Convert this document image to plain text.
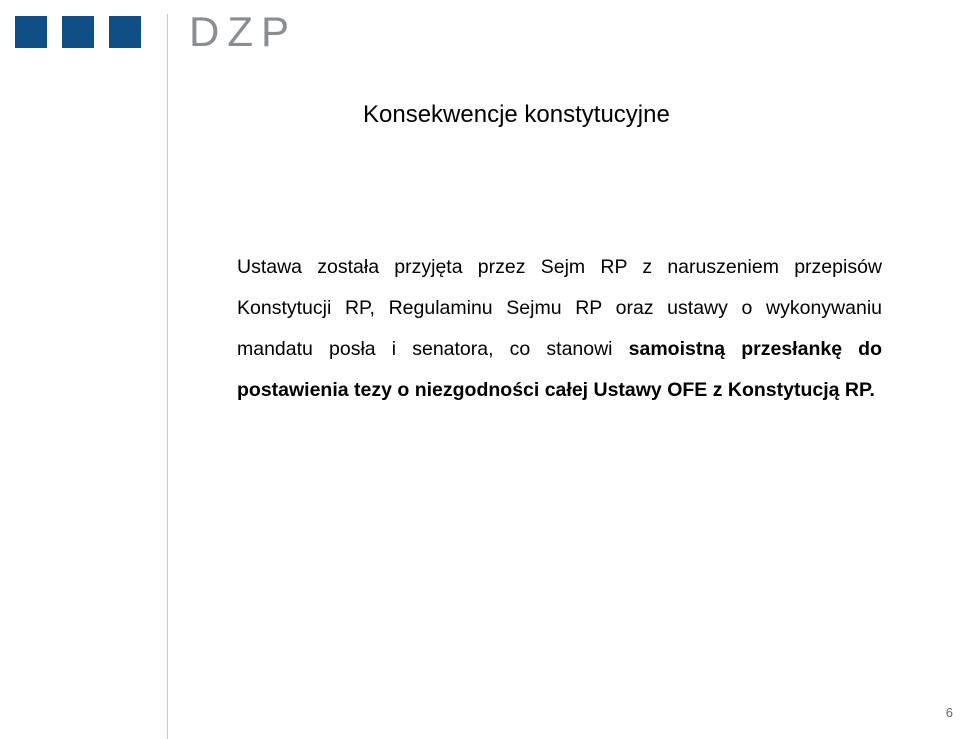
DZP
Konsekwencje konstytucyjne
Ustawa została przyjęta przez Sejm RP z naruszeniem przepisów Konstytucji RP, Regulaminu Sejmu RP oraz ustawy o wykonywaniu mandatu posła i senatora, co stanowi samoistną przesłankę do postawienia tezy o niezgodności całej Ustawy OFE z Konstytucją RP.
6
